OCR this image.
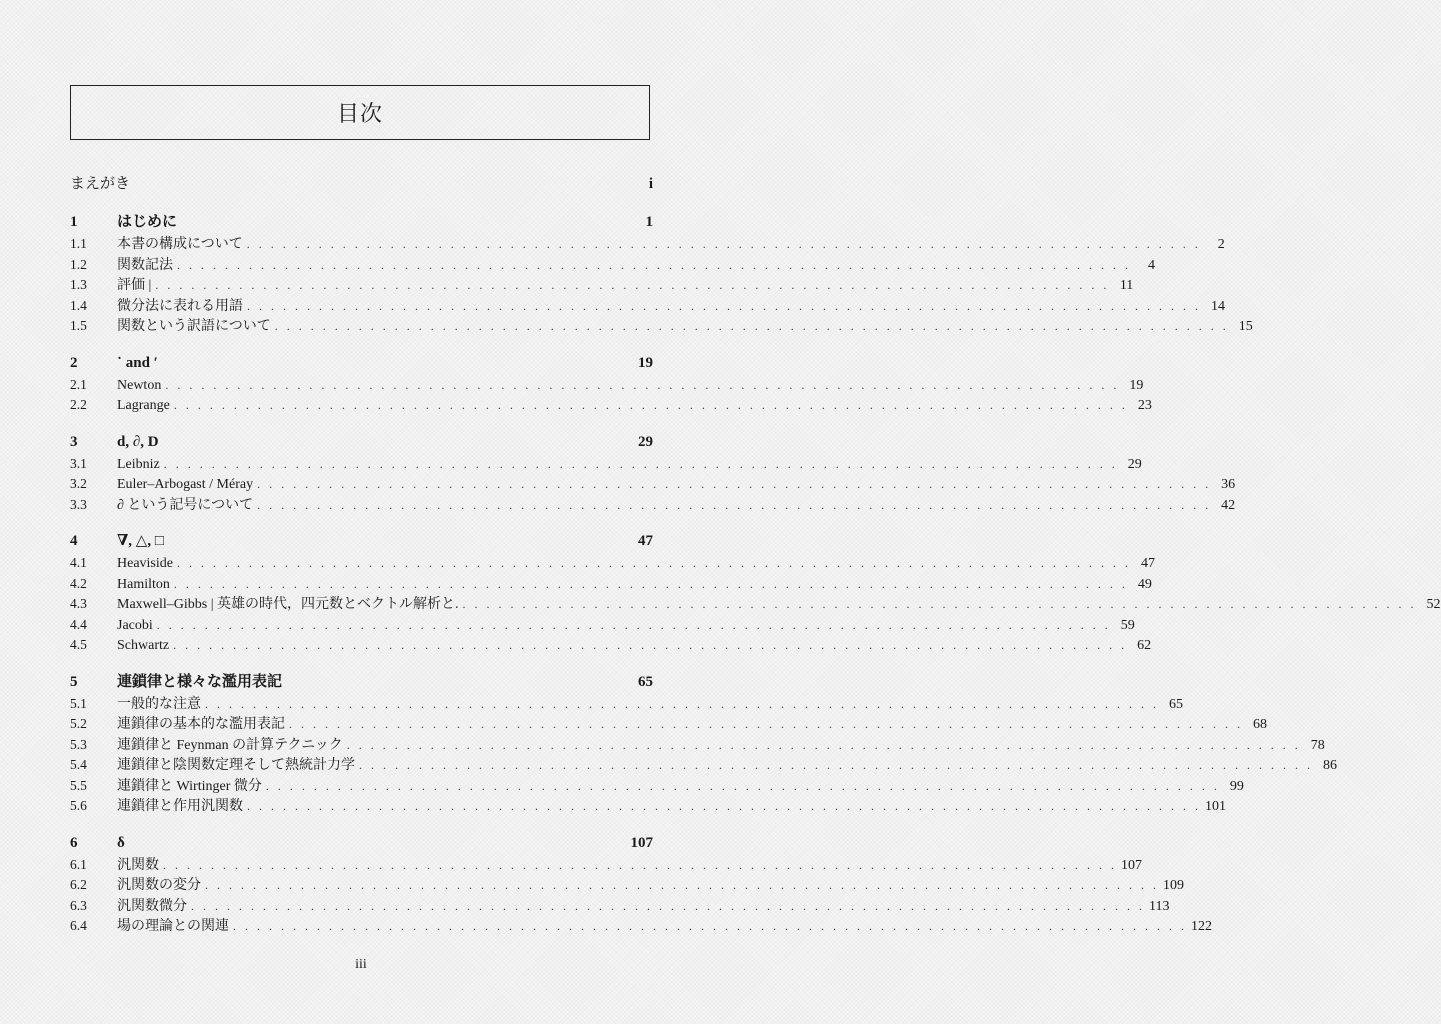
目次
まえがき	i
1	はじめに	1
1.1	本書の構成について . . . . . . . . . . . . . . . . . . . . . . . . . . . . . . . . . . . . . . . . . . . . . . . . . . . . . . . . . . . . . . . . . . . . . . . . . . . . . . . .	2
1.2	関数記法 . . . . . . . . . . . . . . . . . . . . . . . . . . . . . . . . . . . . . . . . . . . . . . . . . . . . . . . . . . . . . . . . . . . . . . . . . . . . . . . .	4
1.3	評価 | . . . . . . . . . . . . . . . . . . . . . . . . . . . . . . . . . . . . . . . . . . . . . . . . . . . . . . . . . . . . . . . . . . . . . . . . . . . . . . . . 11
1.4	微分法に表れる用語 . . . . . . . . . . . . . . . . . . . . . . . . . . . . . . . . . . . . . . . . . . . . . . . . . . . . . . . . . . . . . . . . . . . . . . . . . . . . . . . . 14
1.5	関数という訳語について . . . . . . . . . . . . . . . . . . . . . . . . . . . . . . . . . . . . . . . . . . . . . . . . . . . . . . . . . . . . . . . . . . . . . . . . . . . . . . . . 15
2	˙ and ′	19
2.1	Newton . . . . . . . . . . . . . . . . . . . . . . . . . . . . . . . . . . . . . . . . . . . . . . . . . . . . . . . . . . . . . . . . . . . . . . . . . . . . . . . . 19
2.2	Lagrange . . . . . . . . . . . . . . . . . . . . . . . . . . . . . . . . . . . . . . . . . . . . . . . . . . . . . . . . . . . . . . . . . . . . . . . . . . . . . . . . 23
3	d, ∂, D	29
3.1	Leibniz . . . . . . . . . . . . . . . . . . . . . . . . . . . . . . . . . . . . . . . . . . . . . . . . . . . . . . . . . . . . . . . . . . . . . . . . . . . . . . . . 29
3.2	Euler–Arbogast / Méray . . . . . . . . . . . . . . . . . . . . . . . . . . . . . . . . . . . . . . . . . . . . . . . . . . . . . . . . . . . . . . . . . . . . . . . . . . . . . . . . 36
3.3	∂ という記号について . . . . . . . . . . . . . . . . . . . . . . . . . . . . . . . . . . . . . . . . . . . . . . . . . . . . . . . . . . . . . . . . . . . . . . . . . . . . . . . . 42
4	∇, △, □	47
4.1	Heaviside . . . . . . . . . . . . . . . . . . . . . . . . . . . . . . . . . . . . . . . . . . . . . . . . . . . . . . . . . . . . . . . . . . . . . . . . . . . . . . . . 47
4.2	Hamilton . . . . . . . . . . . . . . . . . . . . . . . . . . . . . . . . . . . . . . . . . . . . . . . . . . . . . . . . . . . . . . . . . . . . . . . . . . . . . . . . 49
4.3	Maxwell–Gibbs | 英雄の時代，四元数とベクトル解析と. . . . . . . . . . . . . . . . . . . . . . . . . . . . . . . . . . . . . . . . . . . . . . . . . . . . . . . . . . . . . . . . . . . . . . . . . . . . . . . . . 52
4.4	Jacobi . . . . . . . . . . . . . . . . . . . . . . . . . . . . . . . . . . . . . . . . . . . . . . . . . . . . . . . . . . . . . . . . . . . . . . . . . . . . . . . . 59
4.5	Schwartz . . . . . . . . . . . . . . . . . . . . . . . . . . . . . . . . . . . . . . . . . . . . . . . . . . . . . . . . . . . . . . . . . . . . . . . . . . . . . . . . 62
5	連鎖律と様々な濫用表記	65
5.1	一般的な注意 . . . . . . . . . . . . . . . . . . . . . . . . . . . . . . . . . . . . . . . . . . . . . . . . . . . . . . . . . . . . . . . . . . . . . . . . . . . . . . . . 65
5.2	連鎖律の基本的な濫用表記 . . . . . . . . . . . . . . . . . . . . . . . . . . . . . . . . . . . . . . . . . . . . . . . . . . . . . . . . . . . . . . . . . . . . . . . . . . . . . . . . 68
5.3	連鎖律と Feynman の計算テクニック . . . . . . . . . . . . . . . . . . . . . . . . . . . . . . . . . . . . . . . . . . . . . . . . . . . . . . . . . . . . . . . . . . . . . . . . . . . . . . . . 78
5.4	連鎖律と陰関数定理そして熱統計力学 . . . . . . . . . . . . . . . . . . . . . . . . . . . . . . . . . . . . . . . . . . . . . . . . . . . . . . . . . . . . . . . . . . . . . . . . . . . . . . . . 86
5.5	連鎖律と Wirtinger 微分 . . . . . . . . . . . . . . . . . . . . . . . . . . . . . . . . . . . . . . . . . . . . . . . . . . . . . . . . . . . . . . . . . . . . . . . . . . . . . . . . 99
5.6	連鎖律と作用汎関数 . . . . . . . . . . . . . . . . . . . . . . . . . . . . . . . . . . . . . . . . . . . . . . . . . . . . . . . . . . . . . . . . . . . . . . . . . . . . . . . . 101
6	δ	107
6.1	汎関数 . . . . . . . . . . . . . . . . . . . . . . . . . . . . . . . . . . . . . . . . . . . . . . . . . . . . . . . . . . . . . . . . . . . . . . . . . . . . . . . . 107
6.2	汎関数の変分 . . . . . . . . . . . . . . . . . . . . . . . . . . . . . . . . . . . . . . . . . . . . . . . . . . . . . . . . . . . . . . . . . . . . . . . . . . . . . . . . 109
6.3	汎関数微分 . . . . . . . . . . . . . . . . . . . . . . . . . . . . . . . . . . . . . . . . . . . . . . . . . . . . . . . . . . . . . . . . . . . . . . . . . . . . . . . . 113
6.4	場の理論との関連 . . . . . . . . . . . . . . . . . . . . . . . . . . . . . . . . . . . . . . . . . . . . . . . . . . . . . . . . . . . . . . . . . . . . . . . . . . . . . . . . 122
iii
